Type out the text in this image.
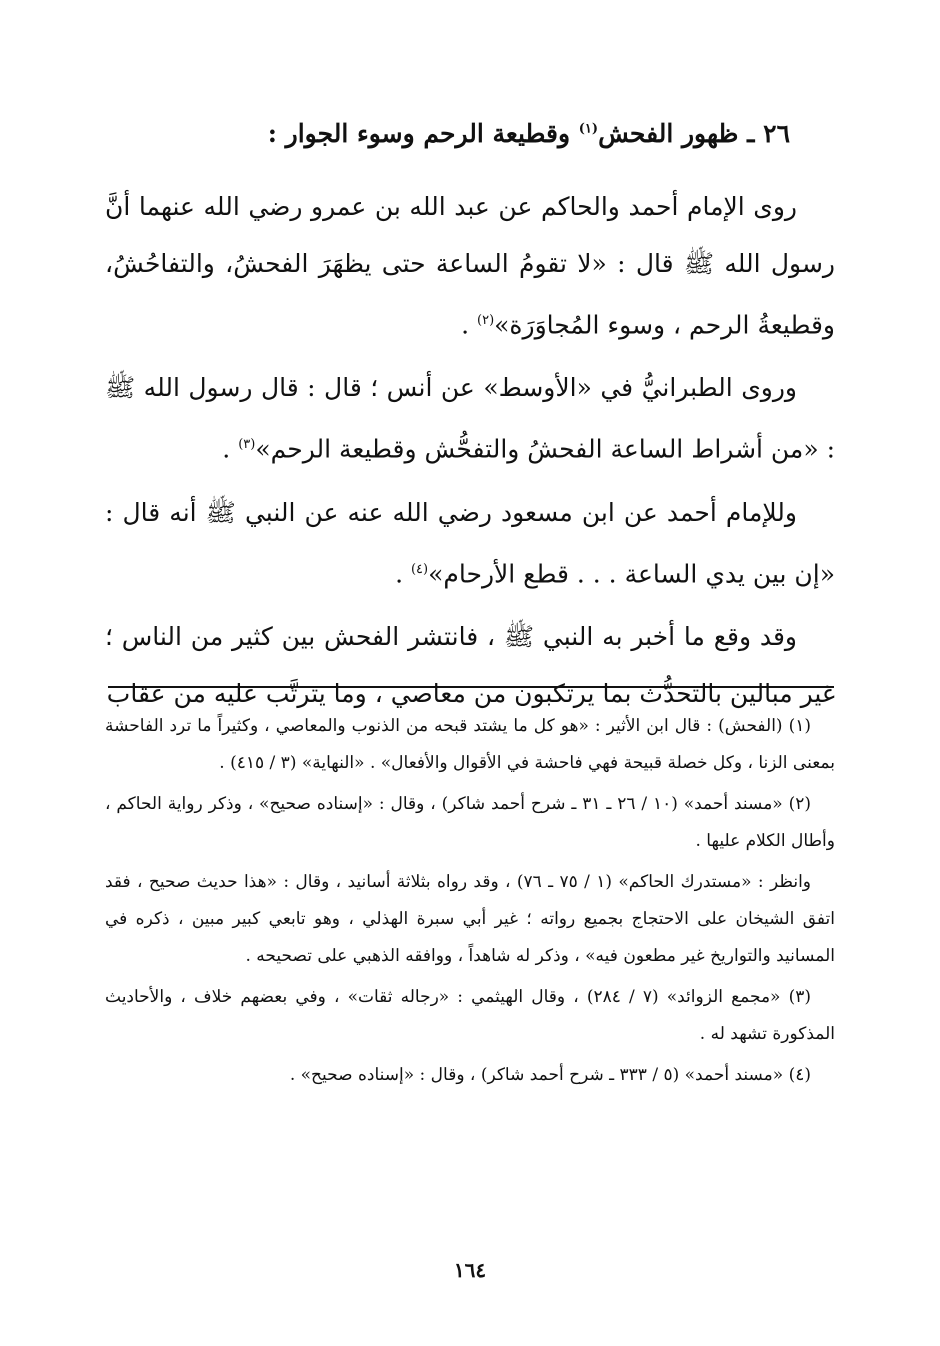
٢٦ ـ ظهور الفحش$^{(١)}$ وقطيعة الرحم وسوء الجوار :

روى الإمام أحمد والحاكم عن عبد الله بن عمرو رضي الله عنهما أنَّ رسول الله ﷺ قال : «لا تقومُ الساعة حتى يظهَرَ الفحشُ، والتفاحُشُ، وقطيعةُ الرحم ، وسوء المُجاوَرَة»$^{(٢)}$ .

وروى الطبرانيُّ في «الأوسط» عن أنس ؛ قال : قال رسول الله ﷺ : «من أشراط الساعة الفحشُ والتفحُّش وقطيعة الرحم»$^{(٣)}$ .

وللإمام أحمد عن ابن مسعود رضي الله عنه عن النبي ﷺ أنه قال : «إن بين يدي الساعة . . . قطع الأرحام»$^{(٤)}$ .

وقد وقع ما أخبر به النبي ﷺ ، فانتشر الفحش بين كثير من الناس ؛ غير مبالين بالتحدُّث بما يرتكبون من معاصي ، وما يترتَّب عليه من عقاب

(١) (الفحش) : قال ابن الأثير : «هو كل ما يشتد قبحه من الذنوب والمعاصي ، وكثيراً ما ترد الفاحشة بمعنى الزنا ، وكل خصلة قبيحة فهي فاحشة في الأقوال والأفعال» . «النهاية» (٣ / ٤١٥) .

(٢) «مسند أحمد» (١٠ / ٢٦ ـ ٣١ ـ شرح أحمد شاكر) ، وقال : «إسناده صحيح» ، وذكر رواية الحاكم ، وأطال الكلام عليها .

وانظر : «مستدرك الحاكم» (١ / ٧٥ ـ ٧٦) ، وقد رواه بثلاثة أسانيد ، وقال : «هذا حديث صحيح ، فقد اتفق الشيخان على الاحتجاج بجميع رواته ؛ غير أبي سبرة الهذلي ، وهو تابعي كبير مبين ، ذكره في المسانيد والتواريخ غير مطعون فيه» ، وذكر له شاهداً ، ووافقه الذهبي على تصحيحه .

(٣) «مجمع الزوائد» (٧ / ٢٨٤) ، وقال الهيثمي : «رجاله ثقات» ، وفي بعضهم خلاف ، والأحاديث المذكورة تشهد له .

(٤) «مسند أحمد» (٥ / ٣٣٣ ـ شرح أحمد شاكر) ، وقال : «إسناده صحيح» .

١٦٤
